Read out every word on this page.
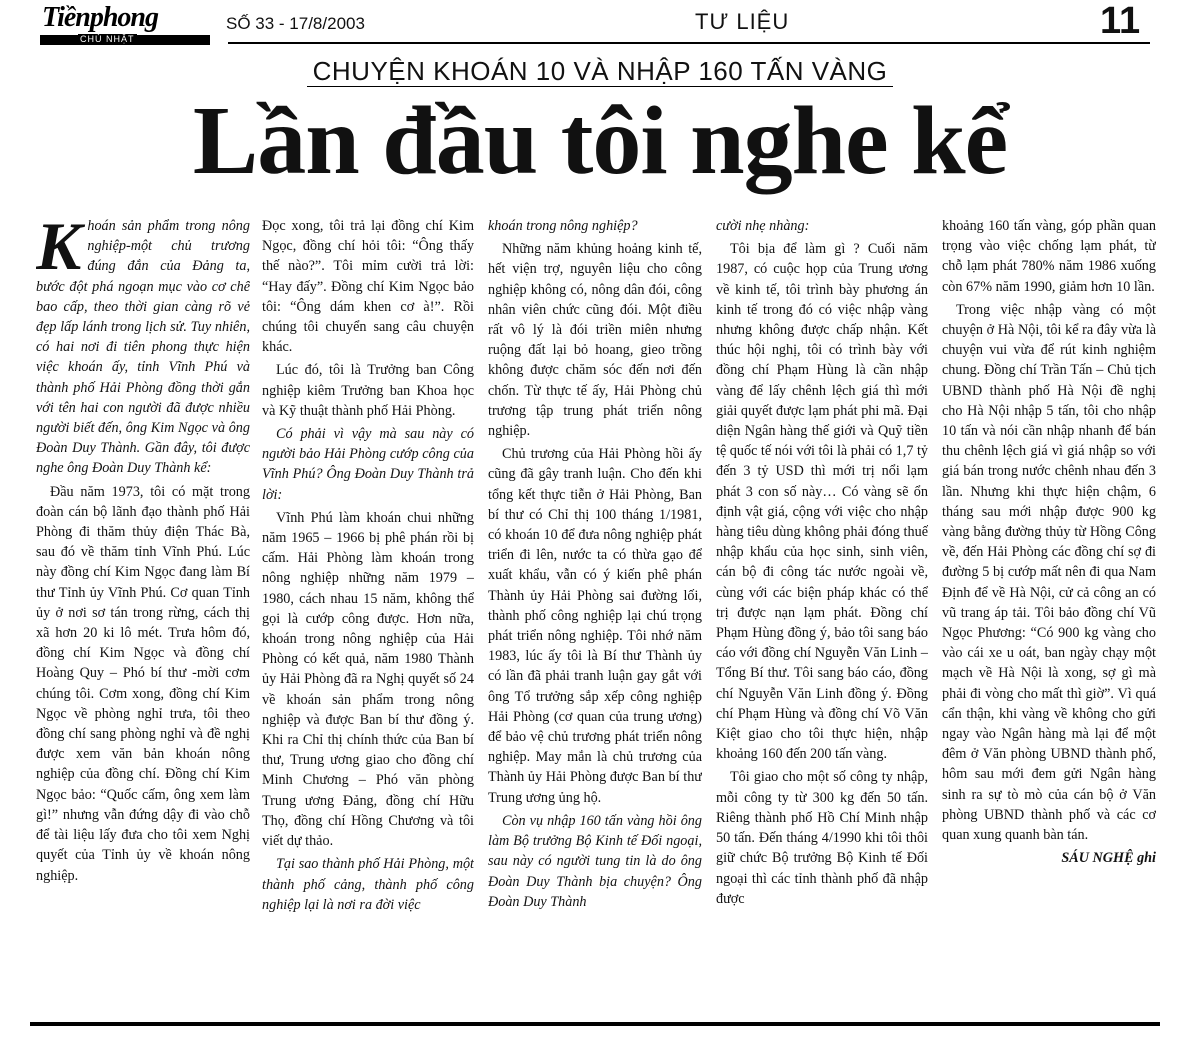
Tiềnphong
CHỦ NHẬT
SỐ 33 - 17/8/2003	TƯ LIỆU	11
CHUYỆN KHOÁN 10 VÀ NHẬP 160 TẤN VÀNG
Lần đầu tôi nghe kể

Khoán sản phẩm trong nông nghiệp-một chủ trương đúng đắn của Đảng ta, bước đột phá ngoạn mục vào cơ chế bao cấp, theo thời gian càng rõ vẻ đẹp lấp lánh trong lịch sử. Tuy nhiên, có hai nơi đi tiên phong thực hiện việc khoán ấy, tỉnh Vĩnh Phú và thành phố Hải Phòng đồng thời gắn với tên hai con người đã được nhiều người biết đến, ông Kim Ngọc và ông Đoàn Duy Thành. Gần đây, tôi được nghe ông Đoàn Duy Thành kể:

Đầu năm 1973, tôi có mặt trong đoàn cán bộ lãnh đạo thành phố Hải Phòng đi thăm thủy điện Thác Bà, sau đó về thăm tỉnh Vĩnh Phú. Lúc này đồng chí Kim Ngọc đang làm Bí thư Tỉnh ủy Vĩnh Phú. Cơ quan Tỉnh ủy ở nơi sơ tán trong rừng, cách thị xã hơn 20 ki lô mét. Trưa hôm đó, đồng chí Kim Ngọc và đồng chí Hoàng Quy – Phó bí thư -mời cơm chúng tôi. Cơm xong, đồng chí Kim Ngọc về phòng nghỉ trưa, tôi theo đồng chí sang phòng nghỉ và đề nghị được xem văn bản khoán nông nghiệp của đồng chí. Đồng chí Kim Ngọc bảo: “Quốc cấm, ông xem làm gì!” nhưng vẫn đứng dậy đi vào chỗ để tài liệu lấy đưa cho tôi xem Nghị quyết của Tỉnh ủy về khoán nông nghiệp.

Đọc xong, tôi trả lại đồng chí Kim Ngọc, đồng chí hỏi tôi: “Ông thấy thế nào?”. Tôi mỉm cười trả lời: “Hay đấy”. Đồng chí Kim Ngọc bảo tôi: “Ông dám khen cơ à!”. Rồi chúng tôi chuyển sang câu chuyện khác.

Lúc đó, tôi là Trưởng ban Công nghiệp kiêm Trưởng ban Khoa học và Kỹ thuật thành phố Hải Phòng.

Có phải vì vậy mà sau này có người bảo Hải Phòng cướp công của Vĩnh Phú? Ông Đoàn Duy Thành trả lời:

Vĩnh Phú làm khoán chui những năm 1965 – 1966 bị phê phán rồi bị cấm. Hải Phòng làm khoán trong nông nghiệp những năm 1979 – 1980, cách nhau 15 năm, không thể gọi là cướp công được. Hơn nữa, khoán trong nông nghiệp của Hải Phòng có kết quả, năm 1980 Thành ủy Hải Phòng đã ra Nghị quyết số 24 về khoán sản phẩm trong nông nghiệp và được Ban bí thư đồng ý. Khi ra Chỉ thị chính thức của Ban bí thư, Trung ương giao cho đồng chí Minh Chương – Phó văn phòng Trung ương Đảng, đồng chí Hữu Thọ, đồng chí Hồng Chương và tôi viết dự thảo.

Tại sao thành phố Hải Phòng, một thành phố cảng, thành phố công nghiệp lại là nơi ra đời việc

khoán trong nông nghiệp?

Những năm khủng hoảng kinh tế, hết viện trợ, nguyên liệu cho công nghiệp không có, nông dân đói, công nhân viên chức cũng đói. Một điều rất vô lý là đói triền miên nhưng ruộng đất lại bỏ hoang, gieo trồng không được chăm sóc đến nơi đến chốn. Từ thực tế ấy, Hải Phòng chủ trương tập trung phát triển nông nghiệp.

Chủ trương của Hải Phòng hồi ấy cũng đã gây tranh luận. Cho đến khi tổng kết thực tiễn ở Hải Phòng, Ban bí thư có Chỉ thị 100 tháng 1/1981, có khoán 10 để đưa nông nghiệp phát triển đi lên, nước ta có thừa gạo để xuất khẩu, vẫn có ý kiến phê phán Thành ủy Hải Phòng sai đường lối, thành phố công nghiệp lại chú trọng phát triển nông nghiệp. Tôi nhớ năm 1983, lúc ấy tôi là Bí thư Thành ủy có lần đã phải tranh luận gay gắt với ông Tổ trưởng sắp xếp công nghiệp Hải Phòng (cơ quan của trung ương) để bảo vệ chủ trương phát triển nông nghiệp. May mắn là chủ trương của Thành ủy Hải Phòng được Ban bí thư Trung ương ủng hộ.

Còn vụ nhập 160 tấn vàng hồi ông làm Bộ trưởng Bộ Kinh tế Đối ngoại, sau này có người tung tin là do ông Đoàn Duy Thành bịa chuyện? Ông Đoàn Duy Thành

cười nhẹ nhàng:

Tôi bịa để làm gì ? Cuối năm 1987, có cuộc họp của Trung ương về kinh tế, tôi trình bày phương án kinh tế trong đó có việc nhập vàng nhưng không được chấp nhận. Kết thúc hội nghị, tôi có trình bày với đồng chí Phạm Hùng là cần nhập vàng để lấy chênh lệch giá thì mới giải quyết được lạm phát phi mã. Đại diện Ngân hàng thế giới và Quỹ tiền tệ quốc tế nói với tôi là phải có 1,7 tỷ đến 3 tỷ USD thì mới trị nổi lạm phát 3 con số này… Có vàng sẽ ổn định vật giá, cộng với việc cho nhập hàng tiêu dùng không phải đóng thuế nhập khẩu của học sinh, sinh viên, cán bộ đi công tác nước ngoài về, cùng với các biện pháp khác có thể trị được nạn lạm phát. Đồng chí Phạm Hùng đồng ý, bảo tôi sang báo cáo với đồng chí Nguyễn Văn Linh – Tổng Bí thư. Tôi sang báo cáo, đồng chí Nguyễn Văn Linh đồng ý. Đồng chí Phạm Hùng và đồng chí Võ Văn Kiệt giao cho tôi thực hiện, nhập khoảng 160 đến 200 tấn vàng.

Tôi giao cho một số công ty nhập, mỗi công ty từ 300 kg đến 50 tấn. Riêng thành phố Hồ Chí Minh nhập 50 tấn. Đến tháng 4/1990 khi tôi thôi giữ chức Bộ trưởng Bộ Kinh tế Đối ngoại thì các tỉnh thành phố đã nhập được

khoảng 160 tấn vàng, góp phần quan trọng vào việc chống lạm phát, từ chỗ lạm phát 780% năm 1986 xuống còn 67% năm 1990, giảm hơn 10 lần.

Trong việc nhập vàng có một chuyện ở Hà Nội, tôi kể ra đây vừa là chuyện vui vừa để rút kinh nghiệm chung. Đồng chí Trần Tấn – Chủ tịch UBND thành phố Hà Nội đề nghị cho Hà Nội nhập 5 tấn, tôi cho nhập 10 tấn và nói cần nhập nhanh để bán thu chênh lệch giá vì giá nhập so với giá bán trong nước chênh nhau đến 3 lần. Nhưng khi thực hiện chậm, 6 tháng sau mới nhập được 900 kg vàng bằng đường thủy từ Hồng Công về, đến Hải Phòng các đồng chí sợ đi đường 5 bị cướp mất nên đi qua Nam Định để về Hà Nội, cử cả công an có vũ trang áp tải. Tôi bảo đồng chí Vũ Ngọc Phương: “Có 900 kg vàng cho vào cái xe u oát, ban ngày chạy một mạch về Hà Nội là xong, sợ gì mà phải đi vòng cho mất thì giờ”. Vì quá cẩn thận, khi vàng về không cho gửi ngay vào Ngân hàng mà lại để một đêm ở Văn phòng UBND thành phố, hôm sau mới đem gửi Ngân hàng sinh ra sự tò mò của cán bộ ở Văn phòng UBND thành phố và các cơ quan xung quanh bàn tán.

SÁU NGHỆ ghi
